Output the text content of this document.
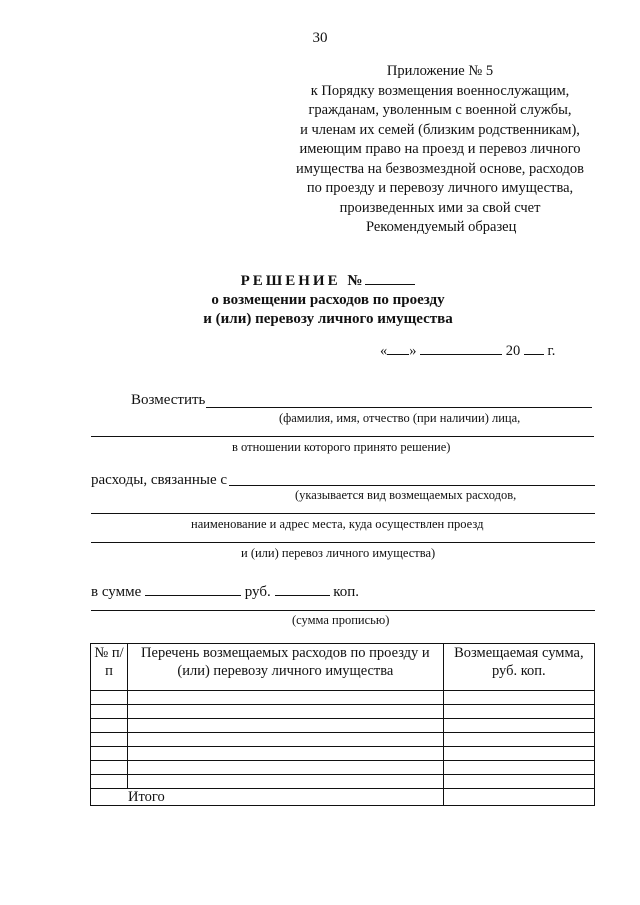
30
Приложение № 5
к Порядку возмещения военнослужащим,
гражданам, уволенным с военной службы,
и членам их семей (близким родственникам),
имеющим право на проезд и перевоз личного
имущества на безвозмездной основе, расходов
по проезду и перевозу личного имущества,
произведенных ими за свой счет
Рекомендуемый образец
РЕШЕНИЕ №
о возмещении расходов по проезду
и (или) перевозу личного имущества
« »	20 г.
Возместить
(фамилия, имя, отчество (при наличии) лица,
в отношении которого принято решение)
расходы, связанные с
(указывается вид возмещаемых расходов,
наименование и адрес места, куда осуществлен проезд
и (или) перевоз личного имущества)
в сумме	руб.	коп.
(сумма прописью)
№ п/п	Перечень возмещаемых расходов по проезду и (или) перевозу личного имущества	Возмещаемая сумма, руб. коп.

Итого		
